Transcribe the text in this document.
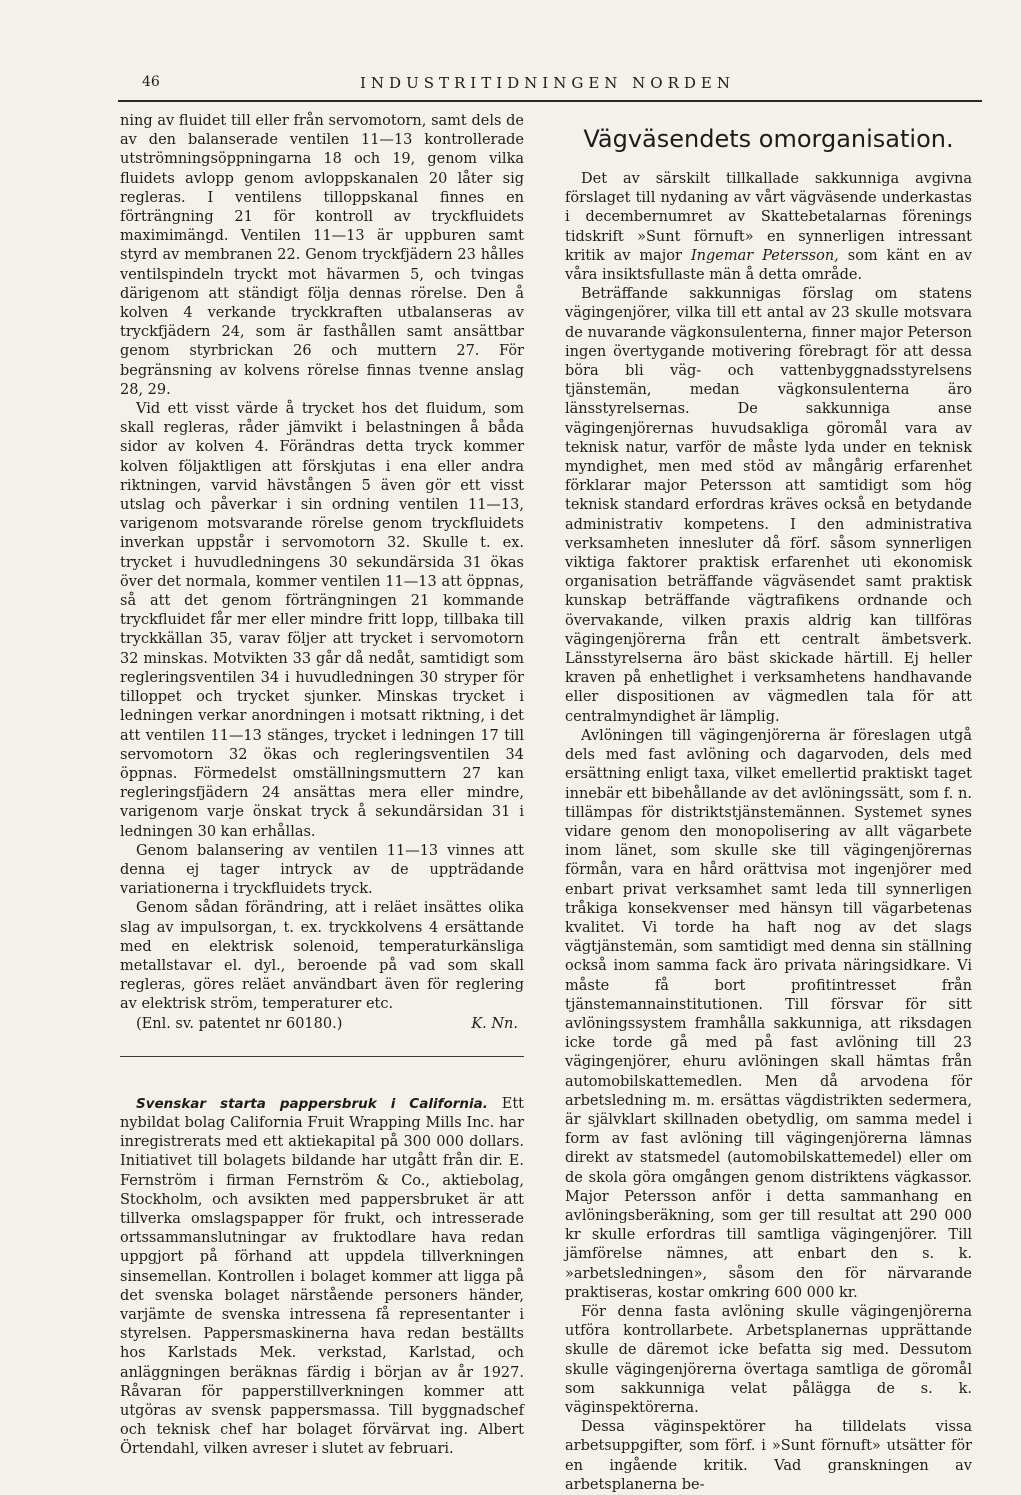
46	INDUSTRITIDNINGEN NORDEN

ning av fluidet till eller från servomotorn, samt dels de av den balanserade ventilen 11—13 kontrollerade utströmningsöppningarna 18 och 19, genom vilka fluidets avlopp genom avloppskanalen 20 låter sig regleras. I ventilens tilloppskanal finnes en förträngning 21 för kontroll av tryckfluidets maximimängd. Ventilen 11—13 är uppburen samt styrd av membranen 22. Genom tryckfjädern 23 hålles ventilspindeln tryckt mot hävarmen 5, och tvingas därigenom att ständigt följa dennas rörelse. Den å kolven 4 verkande tryckkraften utbalanseras av tryckfjädern 24, som är fasthållen samt ansättbar genom styrbrickan 26 och muttern 27. För begränsning av kolvens rörelse finnas tvenne anslag 28, 29.

Vid ett visst värde å trycket hos det fluidum, som skall regleras, råder jämvikt i belastningen å båda sidor av kolven 4. Förändras detta tryck kommer kolven följaktligen att förskjutas i ena eller andra riktningen, varvid hävstången 5 även gör ett visst utslag och påverkar i sin ordning ventilen 11—13, varigenom motsvarande rörelse genom tryckfluidets inverkan uppstår i servomotorn 32. Skulle t. ex. trycket i huvudledningens 30 sekundärsida 31 ökas över det normala, kommer ventilen 11—13 att öppnas, så att det genom förträngningen 21 kommande tryckfluidet får mer eller mindre fritt lopp, tillbaka till tryckkällan 35, varav följer att trycket i servomotorn 32 minskas. Motvikten 33 går då nedåt, samtidigt som regleringsventilen 34 i huvudledningen 30 stryper för tilloppet och trycket sjunker. Minskas trycket i ledningen verkar anordningen i motsatt riktning, i det att ventilen 11—13 stänges, trycket i ledningen 17 till servomotorn 32 ökas och regleringsventilen 34 öppnas. Förmedelst omställningsmuttern 27 kan regleringsfjädern 24 ansättas mera eller mindre, varigenom varje önskat tryck å sekundärsidan 31 i ledningen 30 kan erhållas.

Genom balansering av ventilen 11—13 vinnes att denna ej tager intryck av de uppträdande variationerna i tryckfluidets tryck.

Genom sådan förändring, att i reläet insättes olika slag av impulsorgan, t. ex. tryckkolvens 4 ersättande med en elektrisk solenoid, temperaturkänsliga metallstavar el. dyl., beroende på vad som skall regleras, göres reläet användbart även för reglering av elektrisk ström, temperaturer etc.

(Enl. sv. patentet nr 60180.)	K. Nn.

Svenskar starta pappersbruk i California. Ett nybildat bolag California Fruit Wrapping Mills Inc. har inregistrerats med ett aktiekapital på 300 000 dollars. Initiativet till bolagets bildande har utgått från dir. E. Fernström i firman Fernström & Co., aktiebolag, Stockholm, och avsikten med pappersbruket är att tillverka omslagspapper för frukt, och intresserade ortssammanslutningar av fruktodlare hava redan uppgjort på förhand att uppdela tillverkningen sinsemellan. Kontrollen i bolaget kommer att ligga på det svenska bolaget närstående personers händer, varjämte de svenska intressena få representanter i styrelsen. Pappersmaskinerna hava redan beställts hos Karlstads Mek. verkstad, Karlstad, och anläggningen beräknas färdig i början av år 1927. Råvaran för papperstillverkningen kommer att utgöras av svensk pappersmassa. Till byggnadschef och teknisk chef har bolaget förvärvat ing. Albert Örtendahl, vilken avreser i slutet av februari.

Vägväsendets omorganisation.

Det av särskilt tillkallade sakkunniga avgivna förslaget till nydaning av vårt vägväsende underkastas i decembernumret av Skattebetalarnas förenings tidskrift »Sunt förnuft» en synnerligen intressant kritik av major Ingemar Petersson, som känt en av våra insiktsfullaste män å detta område.

Beträffande sakkunnigas förslag om statens vägingenjörer, vilka till ett antal av 23 skulle motsvara de nuvarande vägkonsulenterna, finner major Peterson ingen övertygande motivering förebragt för att dessa böra bli väg- och vattenbyggnadsstyrelsens tjänstemän, medan vägkonsulenterna äro länsstyrelsernas. De sakkunniga anse vägingenjörernas huvudsakliga göromål vara av teknisk natur, varför de måste lyda under en teknisk myndighet, men med stöd av mångårig erfarenhet förklarar major Petersson att samtidigt som hög teknisk standard erfordras kräves också en betydande administrativ kompetens. I den administrativa verksamheten innesluter då förf. såsom synnerligen viktiga faktorer praktisk erfarenhet uti ekonomisk organisation beträffande vägväsendet samt praktisk kunskap beträffande vägtrafikens ordnande och övervakande, vilken praxis aldrig kan tillföras vägingenjörerna från ett centralt ämbetsverk. Länsstyrelserna äro bäst skickade härtill. Ej heller kraven på enhetlighet i verksamhetens handhavande eller dispositionen av vägmedlen tala för att centralmyndighet är lämplig.

Avlöningen till vägingenjörerna är föreslagen utgå dels med fast avlöning och dagarvoden, dels med ersättning enligt taxa, vilket emellertid praktiskt taget innebär ett bibehållande av det avlöningssätt, som f. n. tillämpas för distriktstjänstemännen. Systemet synes vidare genom den monopolisering av allt vägarbete inom länet, som skulle ske till vägingenjörernas förmån, vara en hård orättvisa mot ingenjörer med enbart privat verksamhet samt leda till synnerligen tråkiga konsekvenser med hänsyn till vägarbetenas kvalitet. Vi torde ha haft nog av det slags vägtjänstemän, som samtidigt med denna sin ställning också inom samma fack äro privata näringsidkare. Vi måste få bort profitintresset från tjänstemannainstitutionen. Till försvar för sitt avlöningssystem framhålla sakkunniga, att riksdagen icke torde gå med på fast avlöning till 23 vägingenjörer, ehuru avlöningen skall hämtas från automobilskattemedlen. Men då arvodena för arbetsledning m. m. ersättas vägdistrikten sedermera, är självklart skillnaden obetydlig, om samma medel i form av fast avlöning till vägingenjörerna lämnas direkt av statsmedel (automobilskattemedel) eller om de skola göra omgången genom distriktens vägkassor. Major Petersson anför i detta sammanhang en avlöningsberäkning, som ger till resultat att 290 000 kr skulle erfordras till samtliga vägingenjörer. Till jämförelse nämnes, att enbart den s. k. »arbetsledningen», såsom den för närvarande praktiseras, kostar omkring 600 000 kr.

För denna fasta avlöning skulle vägingenjörerna utföra kontrollarbete. Arbetsplanernas upprättande skulle de däremot icke befatta sig med. Dessutom skulle vägingenjörerna övertaga samtliga de göromål som sakkunniga velat pålägga de s. k. väginspektörerna.

Dessa väginspektörer ha tilldelats vissa arbetsuppgifter, som förf. i »Sunt förnuft» utsätter för en ingående kritik. Vad granskningen av arbetsplanerna be-
